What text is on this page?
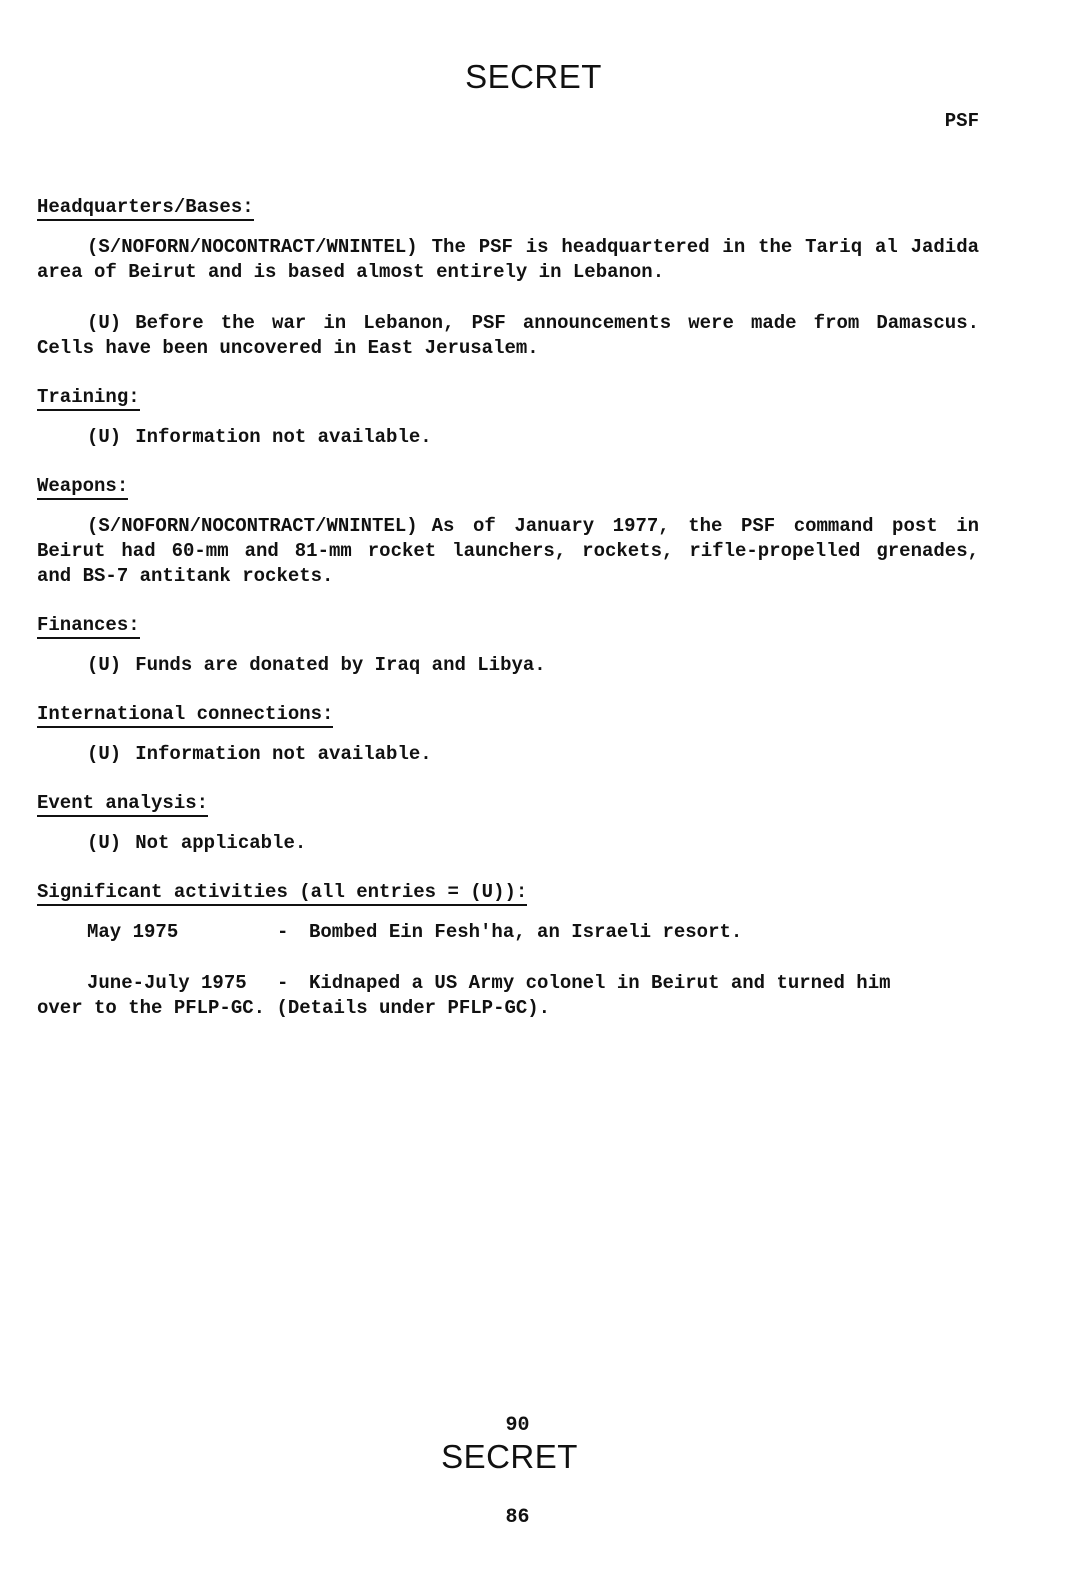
SECRET
PSF
Headquarters/Bases:

(S/NOFORN/NOCONTRACT/WNINTEL) The PSF is headquartered in the Tariq al Jadida area of Beirut and is based almost entirely in Lebanon.

(U) Before the war in Lebanon, PSF announcements were made from Damascus. Cells have been uncovered in East Jerusalem.

Training:

(U) Information not available.

Weapons:

(S/NOFORN/NOCONTRACT/WNINTEL) As of January 1977, the PSF command post in Beirut had 60-mm and 81-mm rocket launchers, rockets, rifle-propelled grenades, and BS-7 antitank rockets.

Finances:

(U) Funds are donated by Iraq and Libya.

International connections:

(U) Information not available.

Event analysis:

(U) Not applicable.

Significant activities (all entries = (U)):
May 1975	-	Bombed Ein Fesh'ha, an Israeli resort.
June-July 1975	-	Kidnaped a US Army colonel in Beirut and turned him

over to the PFLP-GC. (Details under PFLP-GC).

90
SECRET
86
